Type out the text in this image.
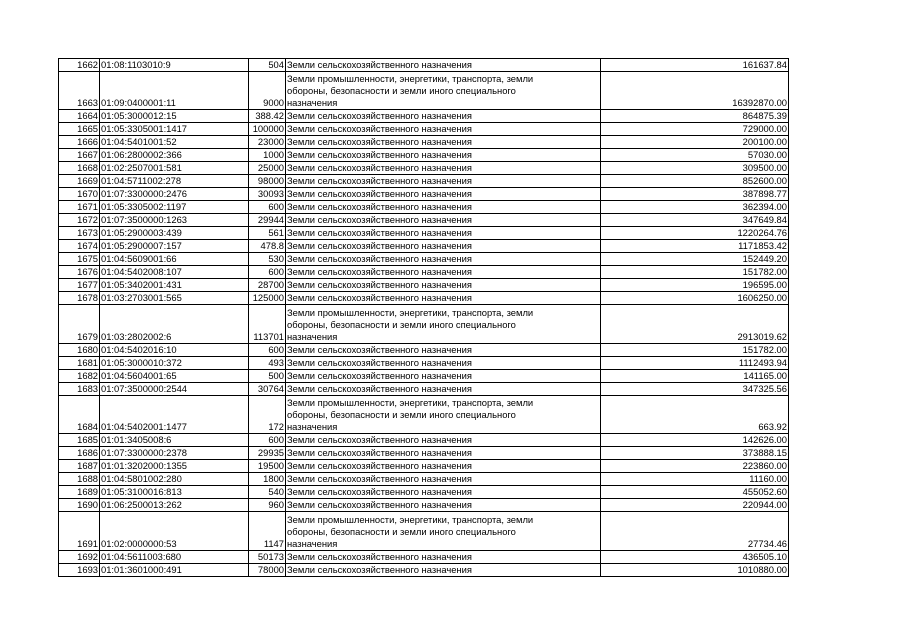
1662	01:08:1103010:9	504	Земли сельскохозяйственного назначения	161637.84
1663	01:09:0400001:11	9000	Земли промышленности, энергетики, транспорта, земли
обороны, безопасности и земли иного специального
назначения	16392870.00
1664	01:05:3000012:15	388.42	Земли сельскохозяйственного назначения	864875.39
1665	01:05:3305001:1417	100000	Земли сельскохозяйственного назначения	729000.00
1666	01:04:5401001:52	23000	Земли сельскохозяйственного назначения	200100.00
1667	01:06:2800002:366	1000	Земли сельскохозяйственного назначения	57030.00
1668	01:02:2507001:581	25000	Земли сельскохозяйственного назначения	309500.00
1669	01:04:5711002:278	98000	Земли сельскохозяйственного назначения	852600.00
1670	01:07:3300000:2476	30093	Земли сельскохозяйственного назначения	387898.77
1671	01:05:3305002:1197	600	Земли сельскохозяйственного назначения	362394.00
1672	01:07:3500000:1263	29944	Земли сельскохозяйственного назначения	347649.84
1673	01:05:2900003:439	561	Земли сельскохозяйственного назначения	1220264.76
1674	01:05:2900007:157	478.8	Земли сельскохозяйственного назначения	1171853.42
1675	01:04:5609001:66	530	Земли сельскохозяйственного назначения	152449.20
1676	01:04:5402008:107	600	Земли сельскохозяйственного назначения	151782.00
1677	01:05:3402001:431	28700	Земли сельскохозяйственного назначения	196595.00
1678	01:03:2703001:565	125000	Земли сельскохозяйственного назначения	1606250.00
1679	01:03:2802002:6	113701	Земли промышленности, энергетики, транспорта, земли
обороны, безопасности и земли иного специального
назначения	2913019.62
1680	01:04:5402016:10	600	Земли сельскохозяйственного назначения	151782.00
1681	01:05:3000010:372	493	Земли сельскохозяйственного назначения	1112493.94
1682	01:04:5604001:65	500	Земли сельскохозяйственного назначения	141165.00
1683	01:07:3500000:2544	30764	Земли сельскохозяйственного назначения	347325.56
1684	01:04:5402001:1477	172	Земли промышленности, энергетики, транспорта, земли
обороны, безопасности и земли иного специального
назначения	663.92
1685	01:01:3405008:6	600	Земли сельскохозяйственного назначения	142626.00
1686	01:07:3300000:2378	29935	Земли сельскохозяйственного назначения	373888.15
1687	01:01:3202000:1355	19500	Земли сельскохозяйственного назначения	223860.00
1688	01:04:5801002:280	1800	Земли сельскохозяйственного назначения	11160.00
1689	01:05:3100016:813	540	Земли сельскохозяйственного назначения	455052.60
1690	01:06:2500013:262	960	Земли сельскохозяйственного назначения	220944.00
1691	01:02:0000000:53	1147	Земли промышленности, энергетики, транспорта, земли
обороны, безопасности и земли иного специального
назначения	27734.46
1692	01:04:5611003:680	50173	Земли сельскохозяйственного назначения	436505.10
1693	01:01:3601000:491	78000	Земли сельскохозяйственного назначения	1010880.00
